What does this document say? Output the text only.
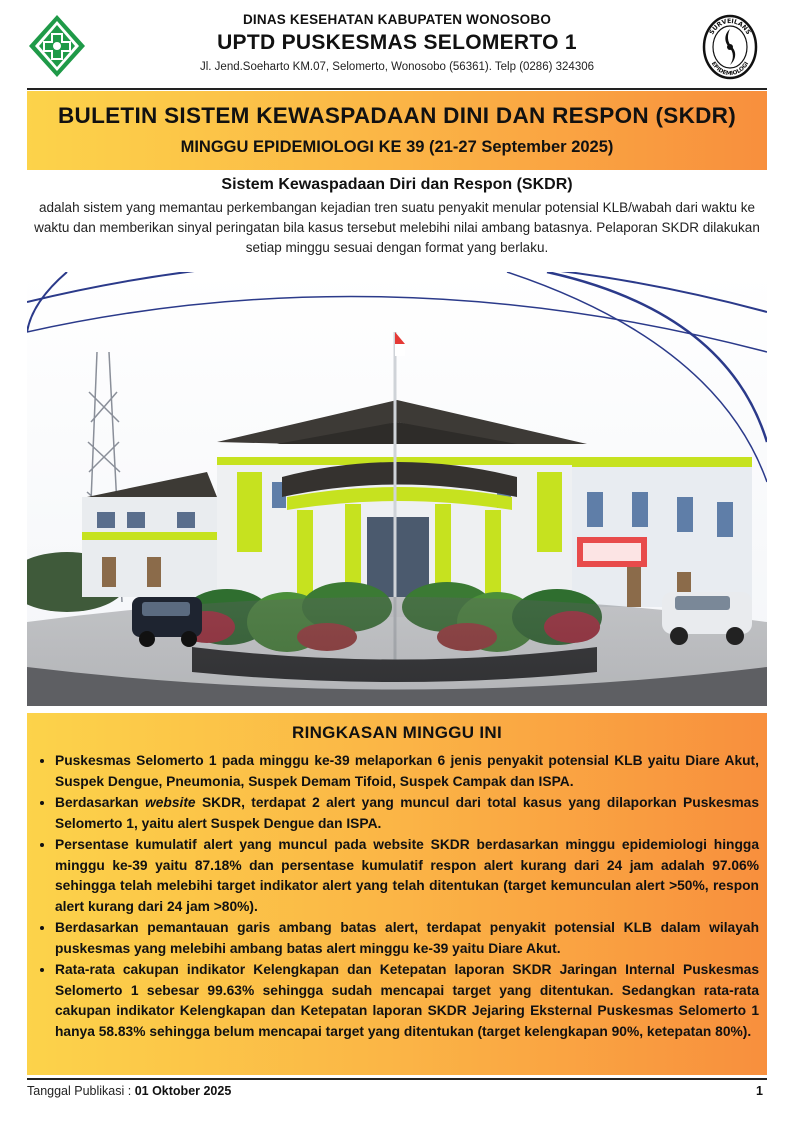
DINAS KESEHATAN KABUPATEN WONOSOBO
UPTD PUSKESMAS SELOMERTO 1
Jl. Jend.Soeharto KM.07, Selomerto, Wonosobo (56361). Telp (0286) 324306
SURVEILANS
EPIDEMIOLOGI
BULETIN SISTEM KEWASPADAAN DINI DAN RESPON (SKDR)
MINGGU EPIDEMIOLOGI KE 39 (21-27 September 2025)
Sistem Kewaspadaan Diri dan Respon (SKDR)
adalah sistem yang memantau perkembangan kejadian tren suatu penyakit menular potensial KLB/wabah dari waktu ke waktu dan memberikan sinyal peringatan bila kasus tersebut melebihi nilai ambang batasnya. Pelaporan SKDR dilakukan setiap minggu sesuai dengan format yang berlaku.
RINGKASAN MINGGU INI
• Puskesmas Selomerto 1 pada minggu ke-39 melaporkan 6 jenis penyakit potensial KLB yaitu Diare Akut, Suspek Dengue, Pneumonia, Suspek Demam Tifoid, Suspek Campak dan ISPA.
• Berdasarkan website SKDR, terdapat 2 alert yang muncul dari total kasus yang dilaporkan Puskesmas Selomerto 1, yaitu alert Suspek Dengue dan ISPA.
• Persentase kumulatif alert yang muncul pada website SKDR berdasarkan minggu epidemiologi hingga minggu ke-39 yaitu 87.18% dan persentase kumulatif respon alert kurang dari 24 jam adalah 97.06% sehingga telah melebihi target indikator alert yang telah ditentukan (target kemunculan alert >50%, respon alert kurang dari 24 jam >80%).
• Berdasarkan pemantauan garis ambang batas alert, terdapat penyakit potensial KLB dalam wilayah puskesmas yang melebihi ambang batas alert minggu ke-39 yaitu Diare Akut.
• Rata-rata cakupan indikator Kelengkapan dan Ketepatan laporan SKDR Jaringan Internal Puskesmas Selomerto 1 sebesar 99.63% sehingga sudah mencapai target yang ditentukan. Sedangkan rata-rata cakupan indikator Kelengkapan dan Ketepatan laporan SKDR Jejaring Eksternal Puskesmas Selomerto 1 hanya 58.83% sehingga belum mencapai target yang ditentukan (target kelengkapan 90%, ketepatan 80%).
Tanggal Publikasi : 01 Oktober 2025	1
